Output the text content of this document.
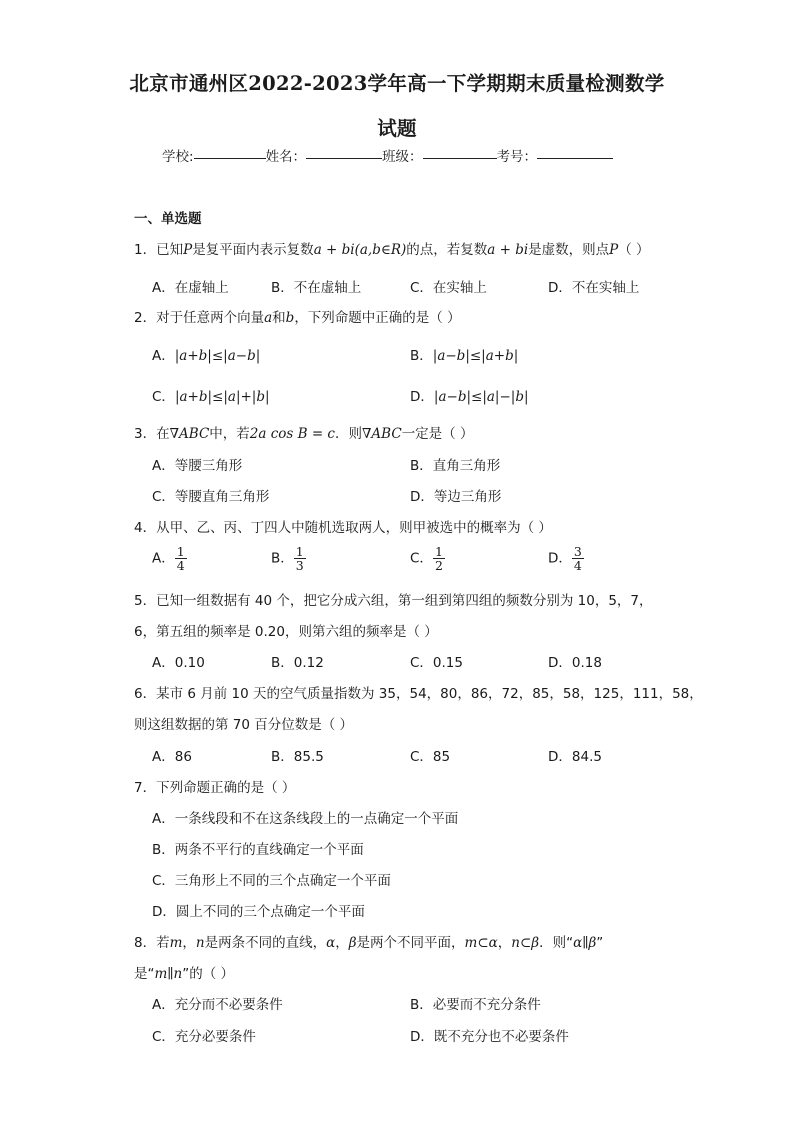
北京市通州区2022-2023学年高一下学期期末质量检测数学
试题
学校:	姓名：	班级：	考号：
一、单选题
1．已知P是复平面内表示复数a + bi(a,b∈R)的点，若复数a + bi是虚数，则点P（ ）
A．在虚轴上	B．不在虚轴上	C．在实轴上	D．不在实轴上
2．对于任意两个向量a和b，下列命题中正确的是（ ）
A．|a+b|≤|a−b|	B．|a−b|≤|a+b|
C．|a+b|≤|a|+|b|	D．|a−b|≤|a|−|b|
3．在∇ABC中，若2a cos B = c．则∇ABC一定是（ ）
A．等腰三角形	B．直角三角形
C．等腰直角三角形	D．等边三角形
4．从甲、乙、丙、丁四人中随机选取两人，则甲被选中的概率为（ ）
A． $\frac{1}{4}$	B． $\frac{1}{3}$	C． $\frac{1}{2}$	D． $\frac{3}{4}$
5．已知一组数据有 40 个，把它分成六组，第一组到第四组的频数分别为 10，5，7，
6，第五组的频率是 0.20，则第六组的频率是（ ）
A．0.10	B．0.12	C．0.15	D．0.18
6．某市 6 月前 10 天的空气质量指数为 35，54，80，86，72，85，58，125，111，58，
则这组数据的第 70 百分位数是（ ）
A．86	B．85.5	C．85	D．84.5
7．下列命题正确的是（ ）
A．一条线段和不在这条线段上的一点确定一个平面
B．两条不平行的直线确定一个平面
C．三角形上不同的三个点确定一个平面
D．圆上不同的三个点确定一个平面
8．若m，n是两条不同的直线，α，β是两个不同平面，m⊂α，n⊂β．则“α∥β”
是“m∥n”的（ ）
A．充分而不必要条件	B．必要而不充分条件
C．充分必要条件	D．既不充分也不必要条件
